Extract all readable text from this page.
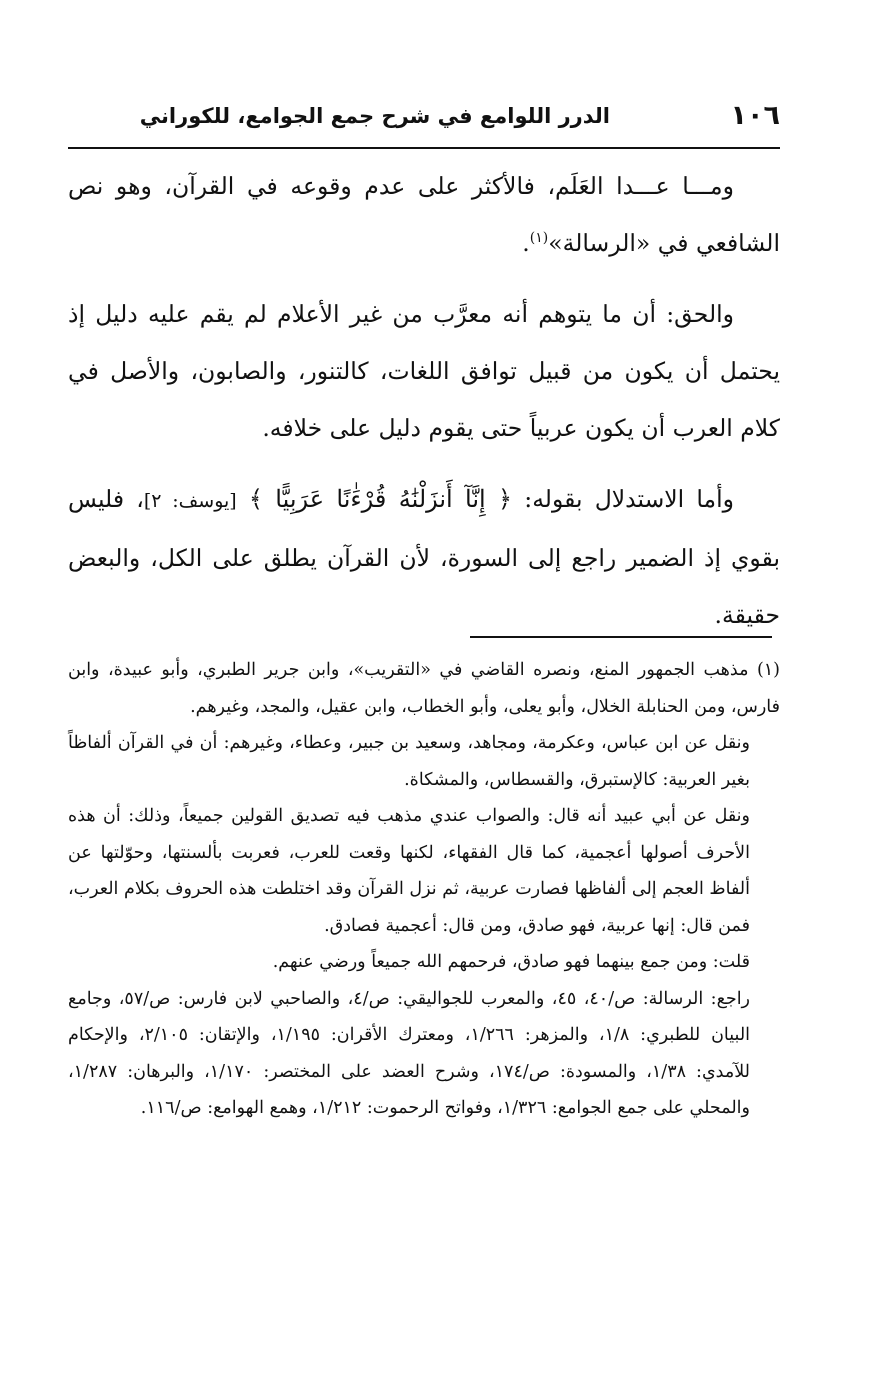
١٠٦
الدرر اللوامع في شرح جمع الجوامع، للكوراني

ومـــا عـــدا العَلَم، فالأكثر على عدم وقوعه في القرآن، وهو نص الشافعي في «الرسالة»$^{(١)}$.

والحق: أن ما يتوهم أنه معرَّب من غير الأعلام لم يقم عليه دليل إذ يحتمل أن يكون من قبيل توافق اللغات، كالتنور، والصابون، والأصل في كلام العرب أن يكون عربياً حتى يقوم دليل على خلافه.

وأما الاستدلال بقوله: ﴿ إِنَّآ أَنزَلْنَٰهُ قُرْءَٰنًا عَرَبِيًّا ﴾ [يوسف: ٢]، فليس بقوي إذ الضمير راجع إلى السورة، لأن القرآن يطلق على الكل، والبعض حقيقة.

(١) مذهب الجمهور المنع، ونصره القاضي في «التقريب»، وابن جرير الطبري، وأبو عبيدة، وابن فارس، ومن الحنابلة الخلال، وأبو يعلى، وأبو الخطاب، وابن عقيل، والمجد، وغيرهم.

ونقل عن ابن عباس، وعكرمة، ومجاهد، وسعيد بن جبير، وعطاء، وغيرهم: أن في القرآن ألفاظاً بغير العربية: كالإستبرق، والقسطاس، والمشكاة.

ونقل عن أبي عبيد أنه قال: والصواب عندي مذهب فيه تصديق القولين جميعاً، وذلك: أن هذه الأحرف أصولها أعجمية، كما قال الفقهاء، لكنها وقعت للعرب، فعربت بألسنتها، وحوّلتها عن ألفاظ العجم إلى ألفاظها فصارت عربية، ثم نزل القرآن وقد اختلطت هذه الحروف بكلام العرب، فمن قال: إنها عربية، فهو صادق، ومن قال: أعجمية فصادق.

قلت: ومن جمع بينهما فهو صادق، فرحمهم الله جميعاً ورضي عنهم.

راجع: الرسالة: ص/٤٠، ٤٥، والمعرب للجواليقي: ص/٤، والصاحبي لابن فارس: ص/٥٧، وجامع البيان للطبري: ١/٨، والمزهر: ١/٢٦٦، ومعترك الأقران: ١/١٩٥، والإتقان: ٢/١٠٥، والإحكام للآمدي: ١/٣٨، والمسودة: ص/١٧٤، وشرح العضد على المختصر: ١/١٧٠، والبرهان: ١/٢٨٧، والمحلي على جمع الجوامع: ١/٣٢٦، وفواتح الرحموت: ١/٢١٢، وهمع الهوامع: ص/١١٦.
